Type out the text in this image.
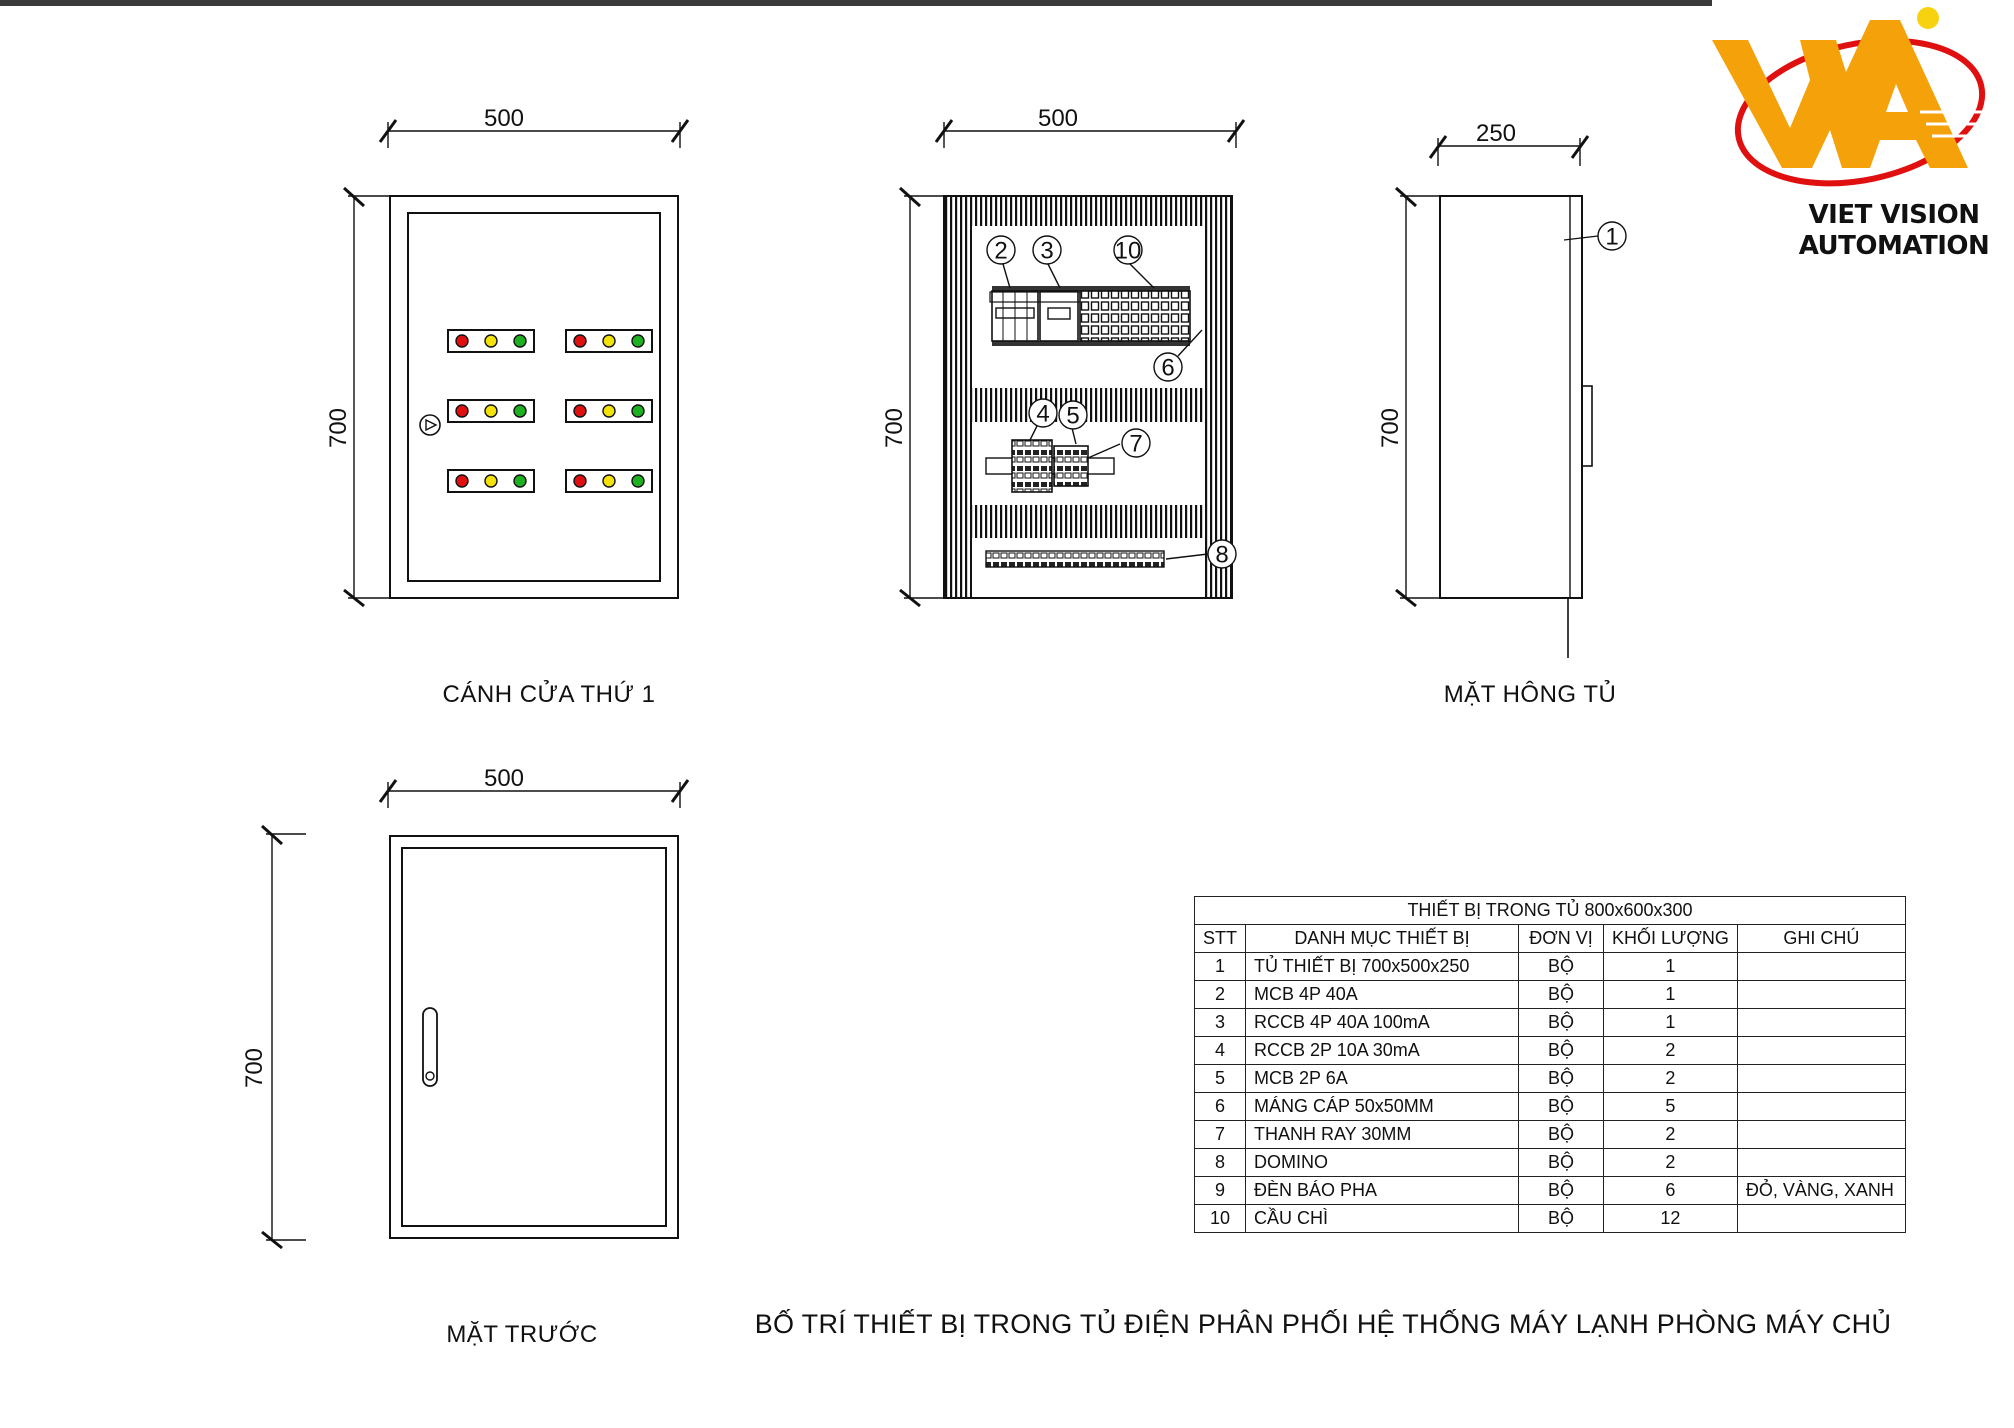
500
700
CÁNH CỬA THỨ 1
500
700
2 3	10
6
4 5
7
8
250
700
1
MẶT HÔNG TỦ
500
700
MẶT TRƯỚC	BỐ TRÍ THIẾT BỊ TRONG TỦ ĐIỆN PHÂN PHỐI HỆ THỐNG MÁY LẠNH PHÒNG MÁY CHỦ
VIET VISION
AUTOMATION
THIẾT BỊ TRONG TỦ 800x600x300				
STT	DANH MỤC THIẾT BỊ	ĐƠN VỊ	KHỐI LƯỢNG	GHI CHÚ
1	TỦ THIẾT BỊ 700x500x250	BỘ	1	
2	MCB 4P 40A	BỘ	1	
3	RCCB 4P 40A 100mA	BỘ	1	
4	RCCB 2P 10A 30mA	BỘ	2	
5	MCB 2P 6A	BỘ	2	
6	MÁNG CÁP 50x50MM	BỘ	5	
7	THANH RAY 30MM	BỘ	2	
8	DOMINO	BỘ	2	
9	ĐÈN BÁO PHA	BỘ	6	ĐỎ, VÀNG, XANH
10	CẦU CHÌ	BỘ	12	
